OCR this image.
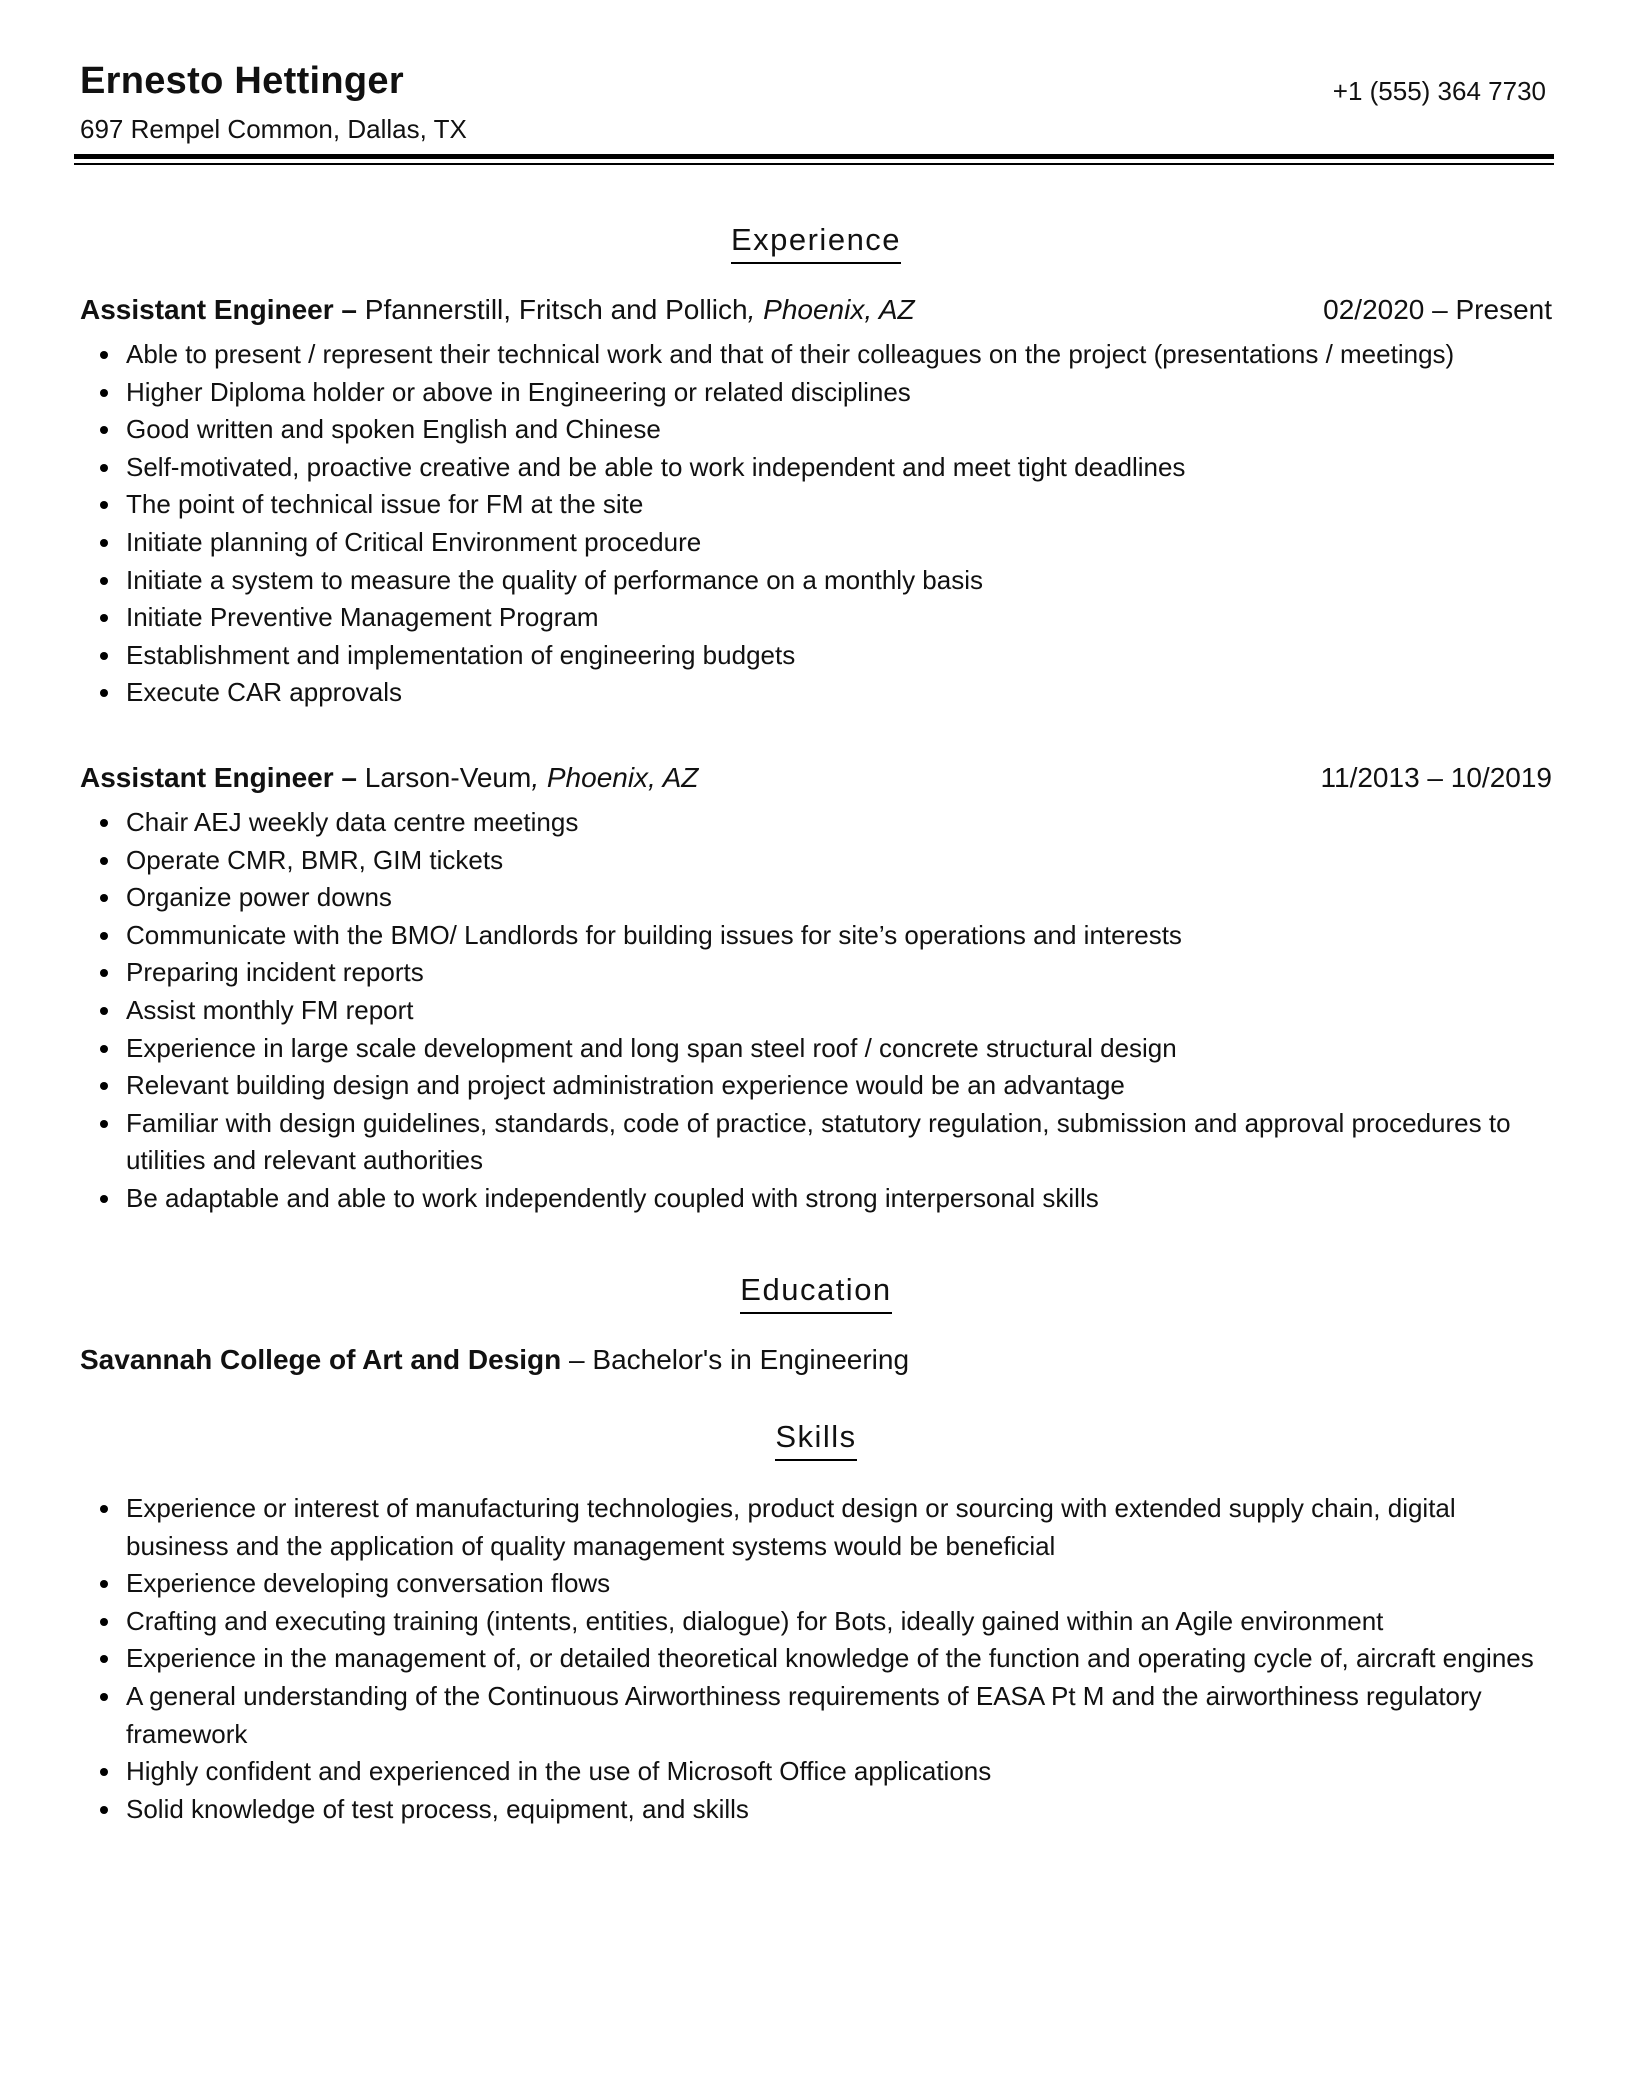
Ernesto Hettinger
697 Rempel Common, Dallas, TX
+1 (555) 364 7730
Experience
Assistant Engineer – Pfannerstill, Fritsch and Pollich, Phoenix, AZ	02/2020 – Present
Able to present / represent their technical work and that of their colleagues on the project (presentations / meetings)
Higher Diploma holder or above in Engineering or related disciplines
Good written and spoken English and Chinese
Self-motivated, proactive creative and be able to work independent and meet tight deadlines
The point of technical issue for FM at the site
Initiate planning of Critical Environment procedure
Initiate a system to measure the quality of performance on a monthly basis
Initiate Preventive Management Program
Establishment and implementation of engineering budgets
Execute CAR approvals
Assistant Engineer – Larson-Veum, Phoenix, AZ	11/2013 – 10/2019
Chair AEJ weekly data centre meetings
Operate CMR, BMR, GIM tickets
Organize power downs
Communicate with the BMO/ Landlords for building issues for site’s operations and interests
Preparing incident reports
Assist monthly FM report
Experience in large scale development and long span steel roof / concrete structural design
Relevant building design and project administration experience would be an advantage
Familiar with design guidelines, standards, code of practice, statutory regulation, submission and approval procedures to utilities and relevant authorities
Be adaptable and able to work independently coupled with strong interpersonal skills
Education
Savannah College of Art and Design – Bachelor's in Engineering
Skills
Experience or interest of manufacturing technologies, product design or sourcing with extended supply chain, digital business and the application of quality management systems would be beneficial
Experience developing conversation flows
Crafting and executing training (intents, entities, dialogue) for Bots, ideally gained within an Agile environment
Experience in the management of, or detailed theoretical knowledge of the function and operating cycle of, aircraft engines
A general understanding of the Continuous Airworthiness requirements of EASA Pt M and the airworthiness regulatory framework
Highly confident and experienced in the use of Microsoft Office applications
Solid knowledge of test process, equipment, and skills
